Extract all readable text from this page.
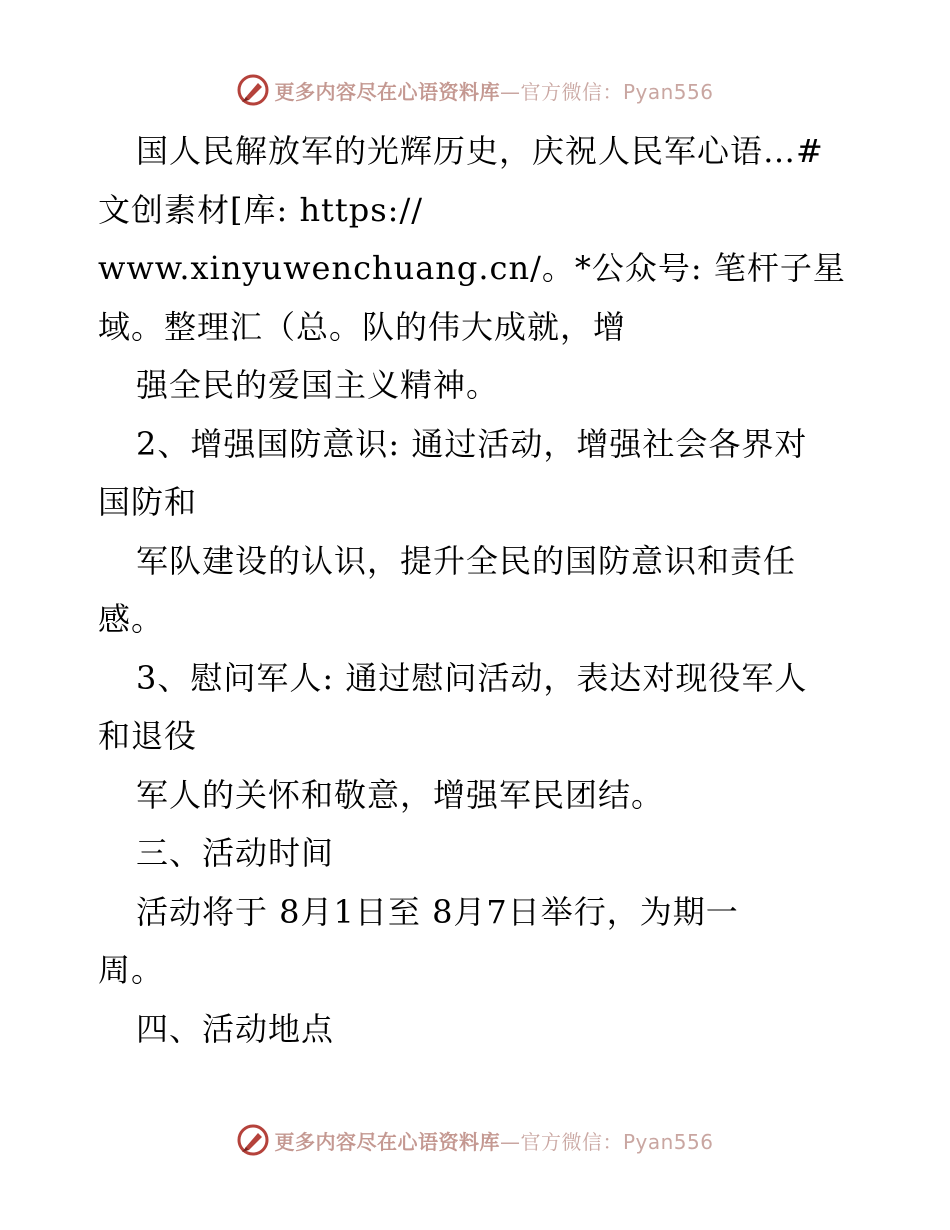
更多内容尽在心语资料库—官方微信：Pyan556
国人民解放军的光辉历史，庆祝人民军心语…#
文创素材[库: https://
www.xinyuwenchuang.cn/。*公众号: 笔杆子星
域。整理汇（总。队的伟大成就，增
强全民的爱国主义精神。
2、增强国防意识: 通过活动，增强社会各界对
国防和
军队建设的认识，提升全民的国防意识和责任
感。
3、慰问军人: 通过慰问活动，表达对现役军人
和退役
军人的关怀和敬意，增强军民团结。
三、活动时间
活动将于 8月1日至 8月7日举行，为期一
周。
四、活动地点
更多内容尽在心语资料库—官方微信：Pyan556
